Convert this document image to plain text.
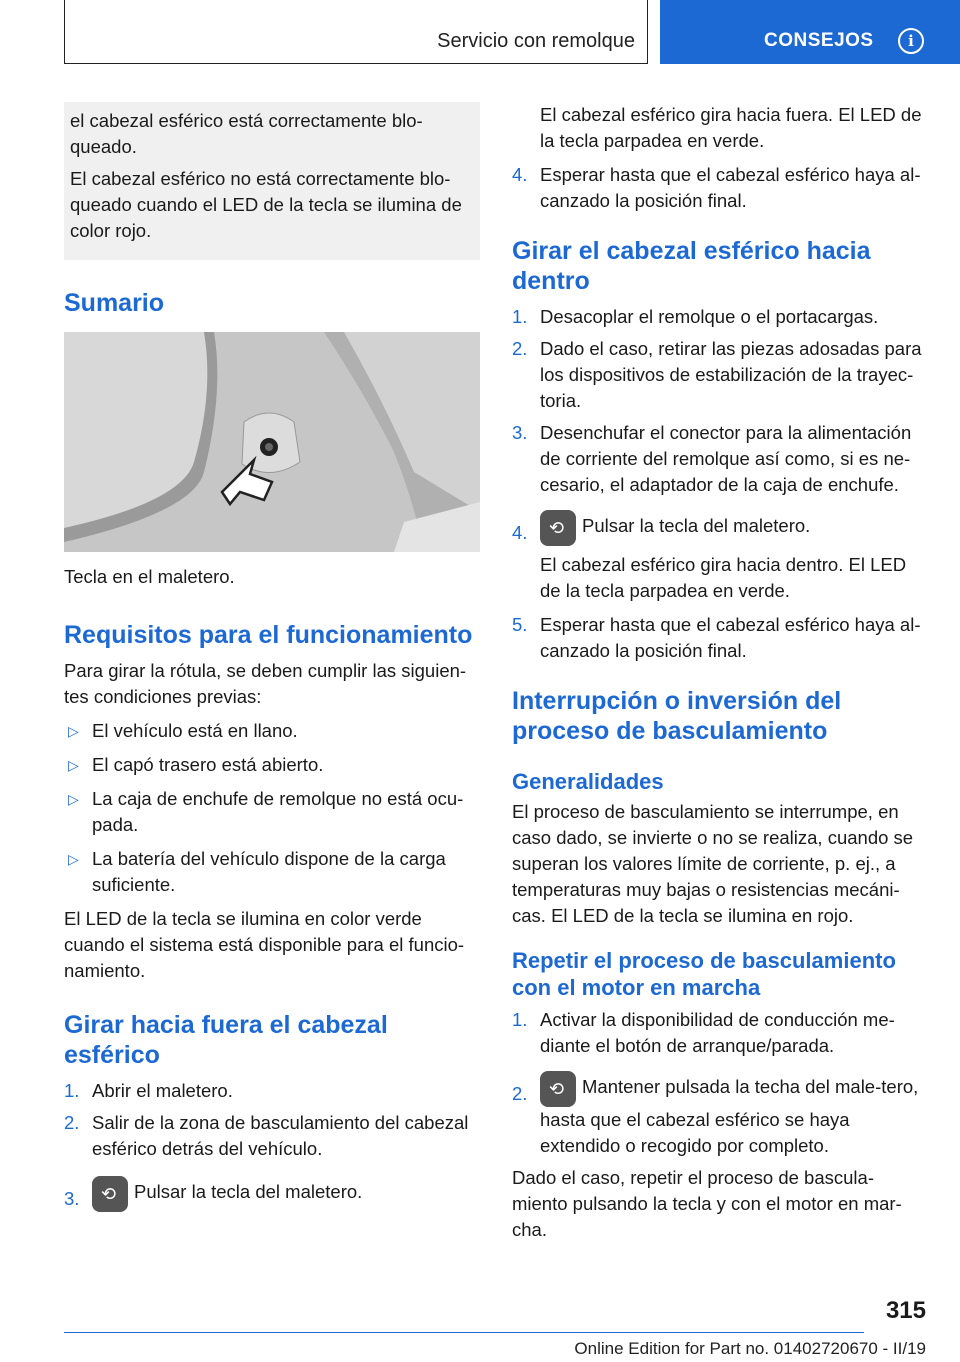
Servicio con remolque	CONSEJOS	i

el cabezal esférico está correctamente blo-queado.

El cabezal esférico no está correctamente blo-queado cuando el LED de la tecla se ilumina de color rojo.

Sumario

Tecla en el maletero.

Requisitos para el funcionamiento

Para girar la rótula, se deben cumplir las siguien-tes condiciones previas:

▷ El vehículo está en llano.
▷ El capó trasero está abierto.
▷ La caja de enchufe de remolque no está ocu-pada.
▷ La batería del vehículo dispone de la carga suficiente.

El LED de la tecla se ilumina en color verde cuando el sistema está disponible para el funcio-namiento.

Girar hacia fuera el cabezal esférico
1. Abrir el maletero.
2. Salir de la zona de basculamiento del cabezal esférico detrás del vehículo.
3. ⟲	Pulsar la tecla del maletero.

El cabezal esférico gira hacia fuera. El LED de la tecla parpadea en verde.

4. Esperar hasta que el cabezal esférico haya al-canzado la posición final.
Girar el cabezal esférico hacia dentro
1. Desacoplar el remolque o el portacargas.
2. Dado el caso, retirar las piezas adosadas para los dispositivos de estabilización de la trayec-toria.
3. Desenchufar el conector para la alimentación de corriente del remolque así como, si es ne-cesario, el adaptador de la caja de enchufe.
4. ⟲	Pulsar la tecla del maletero.

El cabezal esférico gira hacia dentro. El LED de la tecla parpadea en verde.

5. Esperar hasta que el cabezal esférico haya al-canzado la posición final.
Interrupción o inversión del proceso de basculamiento
Generalidades

El proceso de basculamiento se interrumpe, en caso dado, se invierte o no se realiza, cuando se superan los valores límite de corriente, p. ej., a temperaturas muy bajas o resistencias mecáni-cas. El LED de la tecla se ilumina en rojo.

Repetir el proceso de basculamiento con el motor en marcha
1. Activar la disponibilidad de conducción me-diante el botón de arranque/parada.
2. ⟲	Mantener pulsada la techa del male-tero, hasta que el cabezal esférico se haya extendido o recogido por completo.

Dado el caso, repetir el proceso de bascula-miento pulsando la tecla y con el motor en mar-cha.

315
Online Edition for Part no. 01402720670 - II/19
